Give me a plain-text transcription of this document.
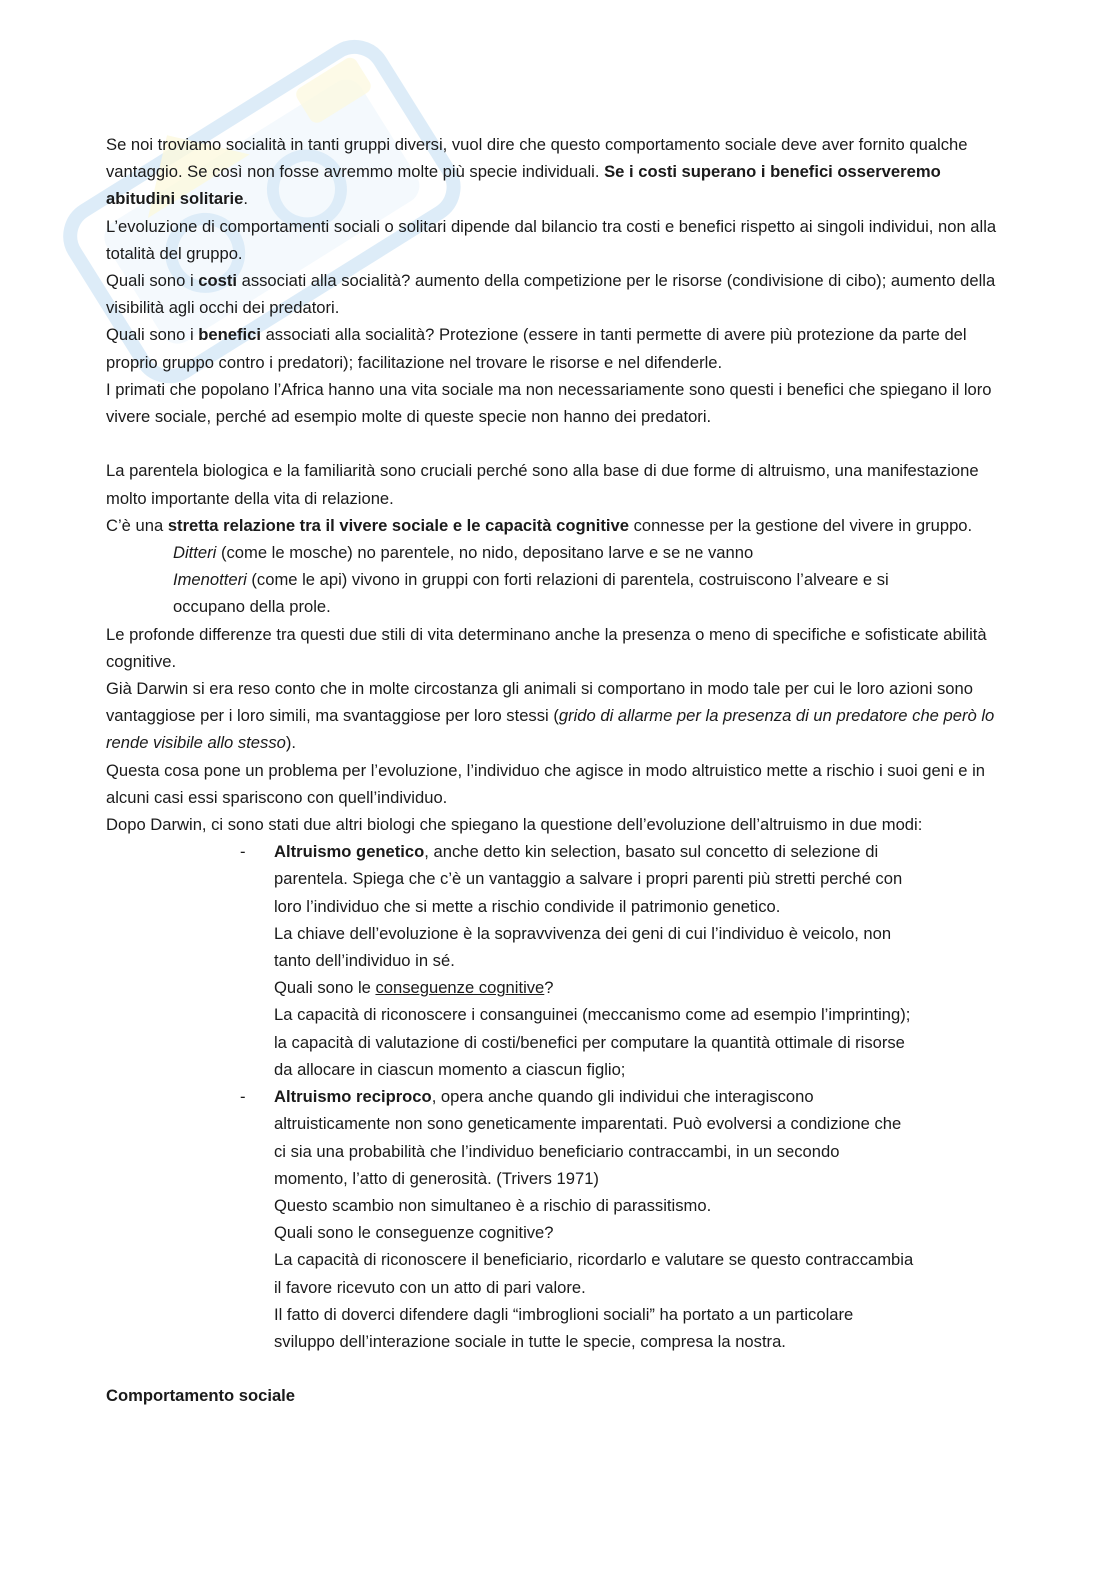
Se noi troviamo socialità in tanti gruppi diversi, vuol dire che questo comportamento sociale deve aver fornito qualche vantaggio. Se così non fosse avremmo molte più specie individuali. Se i costi superano i benefici osserveremo abitudini solitarie.

L’evoluzione di comportamenti sociali o solitari dipende dal bilancio tra costi e benefici rispetto ai singoli individui, non alla totalità del gruppo.

Quali sono i costi associati alla socialità? aumento della competizione per le risorse (condivisione di cibo); aumento della visibilità agli occhi dei predatori.

Quali sono i benefici associati alla socialità? Protezione (essere in tanti permette di avere più protezione da parte del proprio gruppo contro i predatori); facilitazione nel trovare le risorse e nel difenderle.

I primati che popolano l’Africa hanno una vita sociale ma non necessariamente sono questi i benefici che spiegano il loro vivere sociale, perché ad esempio molte di queste specie non hanno dei predatori.

La parentela biologica e la familiarità sono cruciali perché sono alla base di due forme di altruismo, una manifestazione molto importante della vita di relazione.

C’è una stretta relazione tra il vivere sociale e le capacità cognitive connesse per la gestione del vivere in gruppo.

Ditteri (come le mosche) no parentele, no nido, depositano larve e se ne vanno

Imenotteri (come le api) vivono in gruppi con forti relazioni di parentela, costruiscono l’alveare e si
occupano della prole.

Le profonde differenze tra questi due stili di vita determinano anche la presenza o meno di specifiche e sofisticate abilità cognitive.

Già Darwin si era reso conto che in molte circostanza gli animali si comportano in modo tale per cui le loro azioni sono vantaggiose per i loro simili, ma svantaggiose per loro stessi (grido di allarme per la presenza di un predatore che però lo rende visibile allo stesso).

Questa cosa pone un problema per l’evoluzione, l’individuo che agisce in modo altruistico mette a rischio i suoi geni e in alcuni casi essi spariscono con quell’individuo.

Dopo Darwin, ci sono stati due altri biologi che spiegano la questione dell’evoluzione dell’altruismo in due modi:

- Altruismo genetico, anche detto kin selection, basato sul concetto di selezione di
parentela. Spiega che c’è un vantaggio a salvare i propri parenti più stretti perché con
loro l’individuo che si mette a rischio condivide il patrimonio genetico.
La chiave dell’evoluzione è la sopravvivenza dei geni di cui l’individuo è veicolo, non
tanto dell’individuo in sé.
Quali sono le conseguenze cognitive?
La capacità di riconoscere i consanguinei (meccanismo come ad esempio l’imprinting);
la capacità di valutazione di costi/benefici per computare la quantità ottimale di risorse
da allocare in ciascun momento a ciascun figlio;
- Altruismo reciproco, opera anche quando gli individui che interagiscono
altruisticamente non sono geneticamente imparentati. Può evolversi a condizione che
ci sia una probabilità che l’individuo beneficiario contraccambi, in un secondo
momento, l’atto di generosità. (Trivers 1971)
Questo scambio non simultaneo è a rischio di parassitismo.
Quali sono le conseguenze cognitive?
La capacità di riconoscere il beneficiario, ricordarlo e valutare se questo contraccambia
il favore ricevuto con un atto di pari valore.
Il fatto di doverci difendere dagli “imbroglioni sociali” ha portato a un particolare
sviluppo dell’interazione sociale in tutte le specie, compresa la nostra.

Comportamento sociale
